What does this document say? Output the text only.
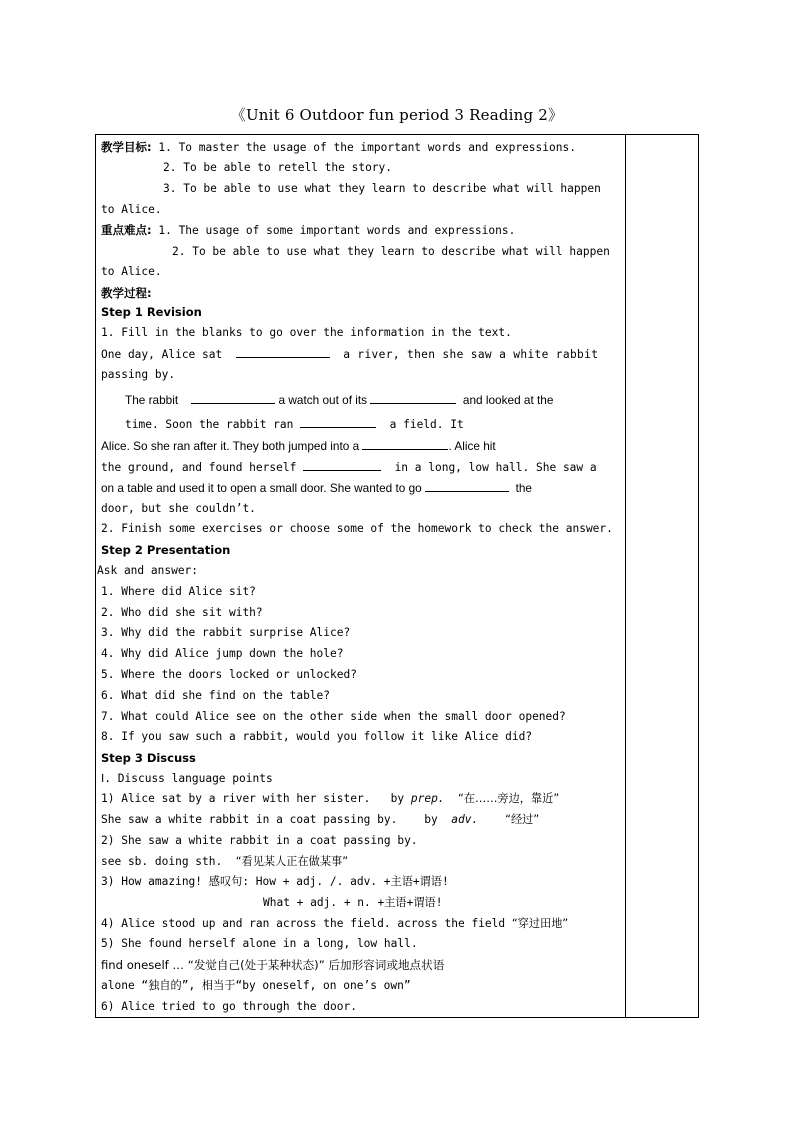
《Unit 6 Outdoor fun period 3 Reading 2》
教学目标: 1. To master the usage of the important words and expressions.
2. To be able to retell the story.
3. To be able to use what they learn to describe what will happen
to Alice.
重点难点: 1. The usage of some important words and expressions.
2. To be able to use what they learn to describe what will happen
to Alice.
教学过程:
Step 1 Revision
1. Fill in the blanks to go over the information in the text.
One day, Alice sat	a river, then she saw a white rabbit
passing by.
The rabbit	a watch out of its	and looked at the
time. Soon the rabbit ran	a field. It
Alice. So she ran after it. They both jumped into a	. Alice hit
the ground, and found herself	in a long, low hall. She saw a
on a table and used it to open a small door. She wanted to go	the
door, but she couldn’t.
2. Finish some exercises or choose some of the homework to check the answer.
Step 2 Presentation
Ask and answer:
1. Where did Alice sit?
2. Who did she sit with?
3. Why did the rabbit surprise Alice?
4. Why did Alice jump down the hole?
5. Where the doors locked or unlocked?
6. What did she find on the table?
7. What could Alice see on the other side when the small door opened?
8. If you saw such a rabbit, would you follow it like Alice did?
Step 3 Discuss
Ⅰ. Discuss language points
1) Alice sat by a river with her sister.   by prep. “在……旁边，靠近”
She saw a white rabbit in a coat passing by.    by adv. “经过”
2) She saw a white rabbit in a coat passing by.
see sb. doing sth. “看见某人正在做某事”
3) How amazing! 感叹句: How + adj. /. adv. +主语+谓语!
What + adj. + n. +主语+谓语!
4) Alice stood up and ran across the field. across the field “穿过田地”
5) She found herself alone in a long, low hall.
find oneself … “发觉自己(处于某种状态)” 后加形容词或地点状语
alone “独自的”, 相当于“by oneself, on one’s own”
6) Alice tried to go through the door.
